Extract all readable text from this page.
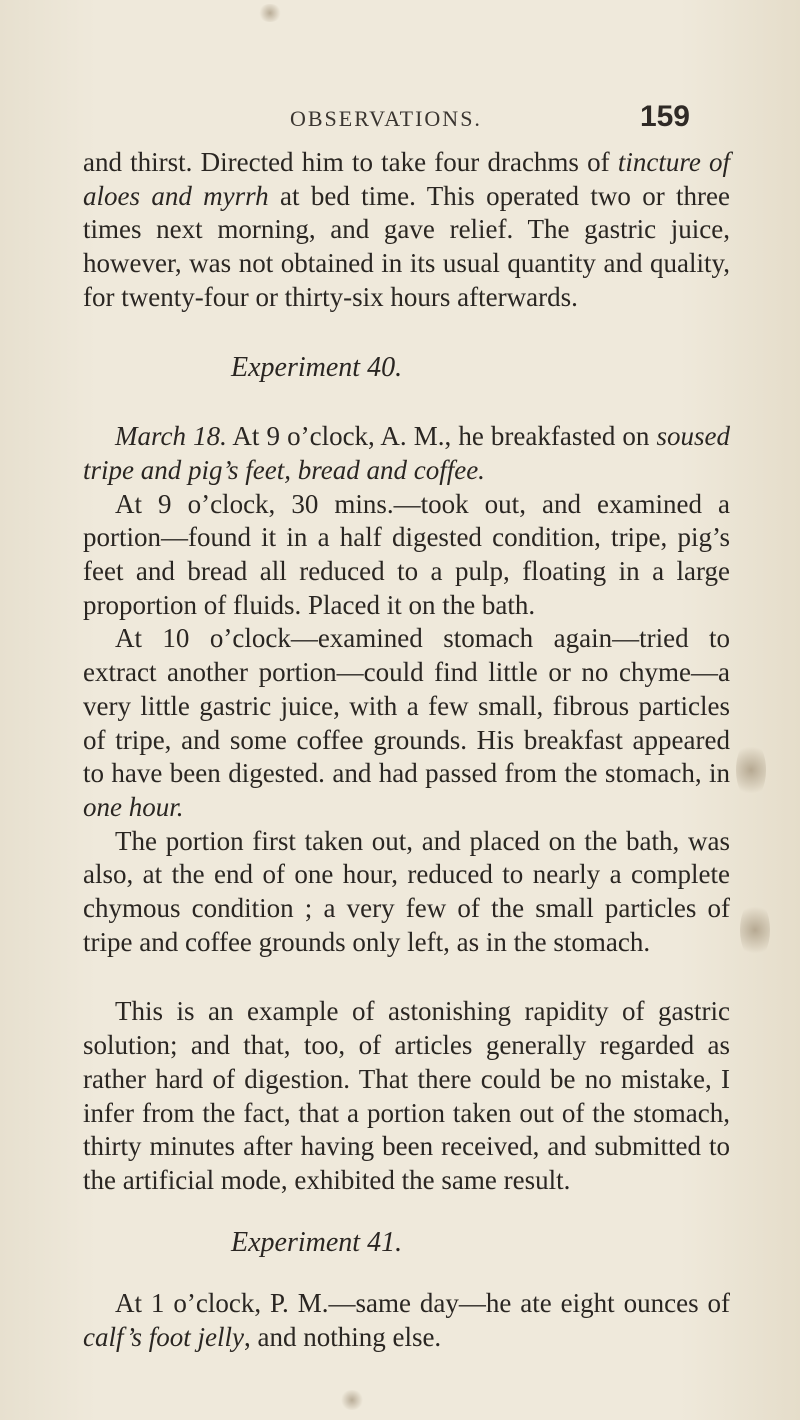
OBSERVATIONS.	159

and thirst. Directed him to take four drachms of tincture of aloes and myrrh at bed time. This operated two or three times next morning, and gave relief. The gastric juice, however, was not obtained in its usual quantity and quality, for twenty-four or thirty-six hours afterwards.

Experiment 40.

March 18. At 9 o’clock, A. M., he breakfasted on soused tripe and pig’s feet, bread and coffee.

At 9 o’clock, 30 mins.—took out, and examined a portion—found it in a half digested condition, tripe, pig’s feet and bread all reduced to a pulp, floating in a large proportion of fluids. Placed it on the bath.

At 10 o’clock—examined stomach again—tried to extract another portion—could find little or no chyme—a very little gastric juice, with a few small, fibrous particles of tripe, and some coffee grounds. His breakfast appeared to have been digested. and had passed from the stomach, in one hour.

The portion first taken out, and placed on the bath, was also, at the end of one hour, reduced to nearly a complete chymous condition ; a very few of the small particles of tripe and coffee grounds only left, as in the stomach.

This is an example of astonishing rapidity of gastric solution; and that, too, of articles generally regarded as rather hard of digestion. That there could be no mistake, I infer from the fact, that a portion taken out of the stomach, thirty minutes after having been received, and submitted to the artificial mode, exhibited the same result.

Experiment 41.

At 1 o’clock, P. M.—same day—he ate eight ounces of calf’s foot jelly, and nothing else.
